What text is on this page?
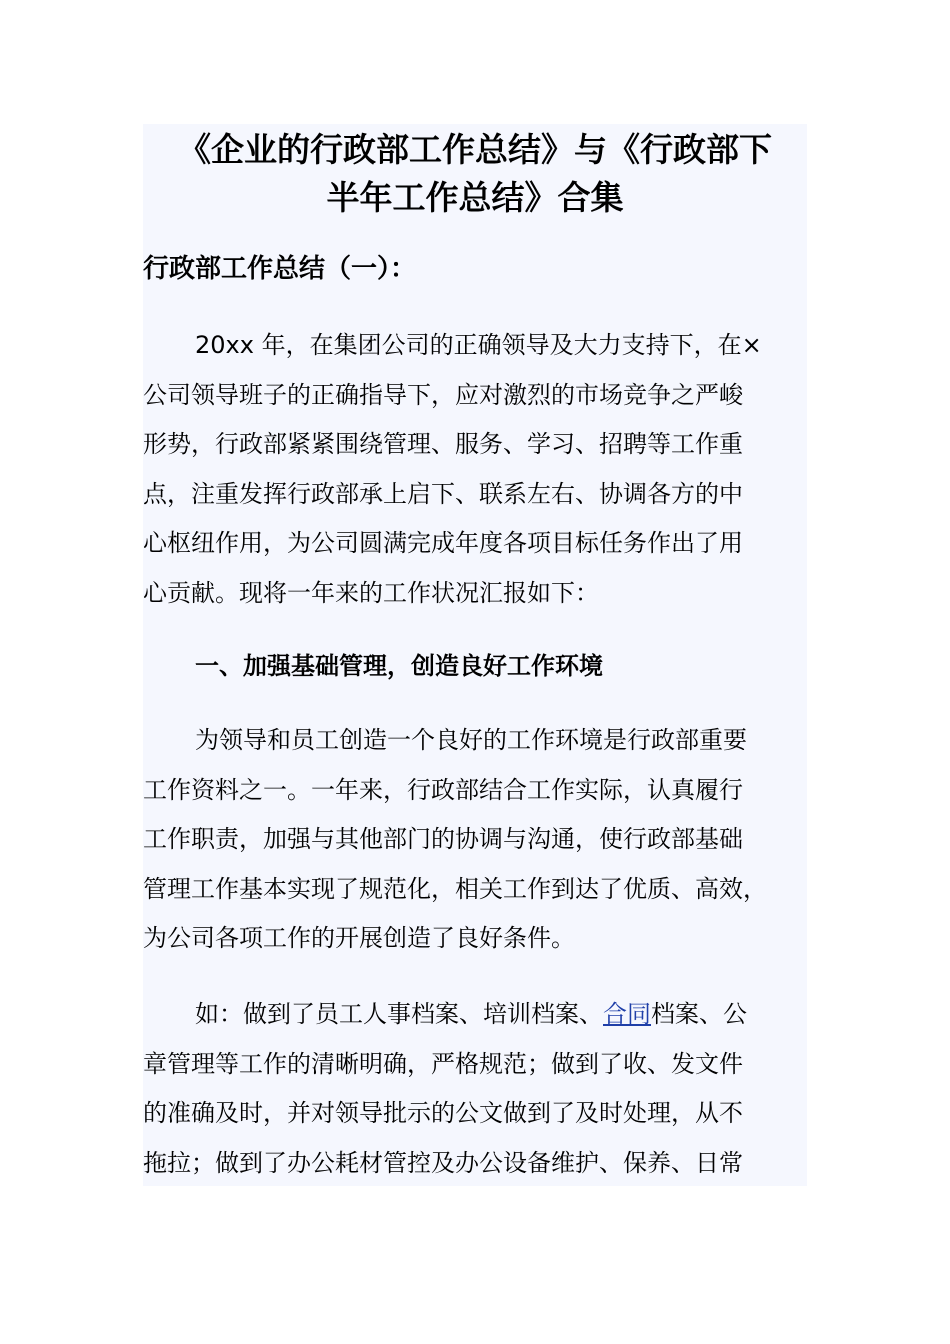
《企业的行政部工作总结》与《行政部下
半年工作总结》合集
行政部工作总结（一）：

20xx 年，在集团公司的正确领导及大力支持下，在×
公司领导班子的正确指导下，应对激烈的市场竞争之严峻
形势，行政部紧紧围绕管理、服务、学习、招聘等工作重
点，注重发挥行政部承上启下、联系左右、协调各方的中
心枢纽作用，为公司圆满完成年度各项目标任务作出了用
心贡献。现将一年来的工作状况汇报如下：

一、加强基础管理，创造良好工作环境

为领导和员工创造一个良好的工作环境是行政部重要
工作资料之一。一年来，行政部结合工作实际，认真履行
工作职责，加强与其他部门的协调与沟通，使行政部基础
管理工作基本实现了规范化，相关工作到达了优质、高效，
为公司各项工作的开展创造了良好条件。

如：做到了员工人事档案、培训档案、合同档案、公
章管理等工作的清晰明确，严格规范；做到了收、发文件
的准确及时，并对领导批示的公文做到了及时处理，从不
拖拉；做到了办公耗材管控及办公设备维护、保养、日常
